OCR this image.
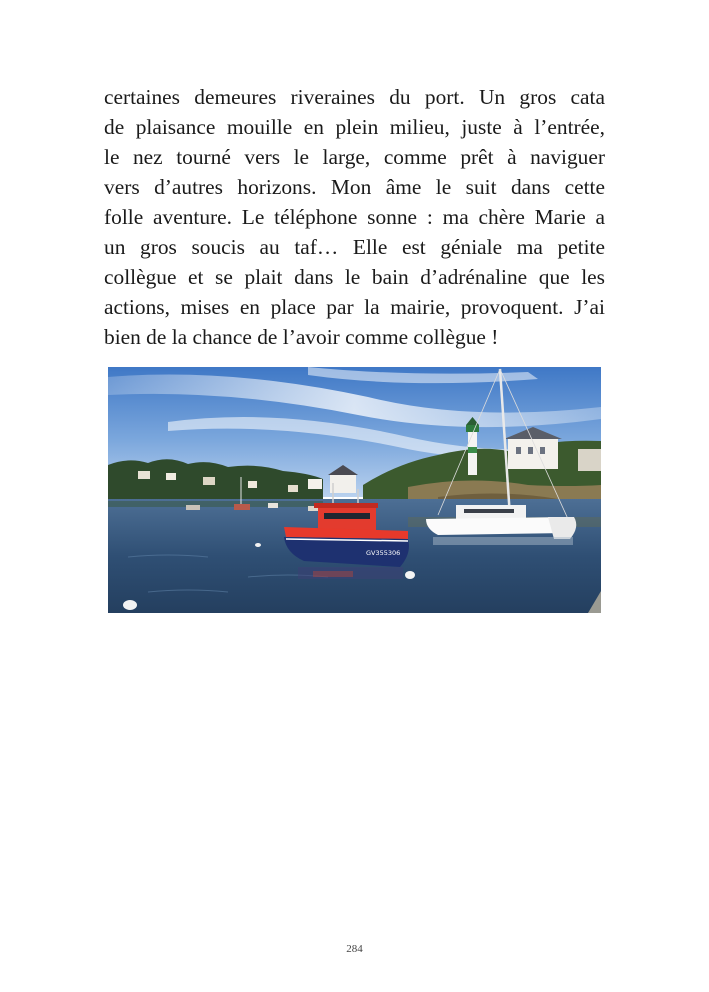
certaines demeures riveraines du port. Un gros cata
de plaisance mouille en plein milieu, juste à l’entrée,
le nez tourné vers le large, comme prêt à naviguer
vers d’autres horizons. Mon âme le suit dans cette
folle aventure. Le téléphone sonne : ma chère Marie a
un gros soucis au taf… Elle est géniale ma petite
collègue et se plait dans le bain d’adrénaline que les
actions, mises en place par la mairie, provoquent. J’ai
bien de la chance de l’avoir comme collègue !
GV355306
284
